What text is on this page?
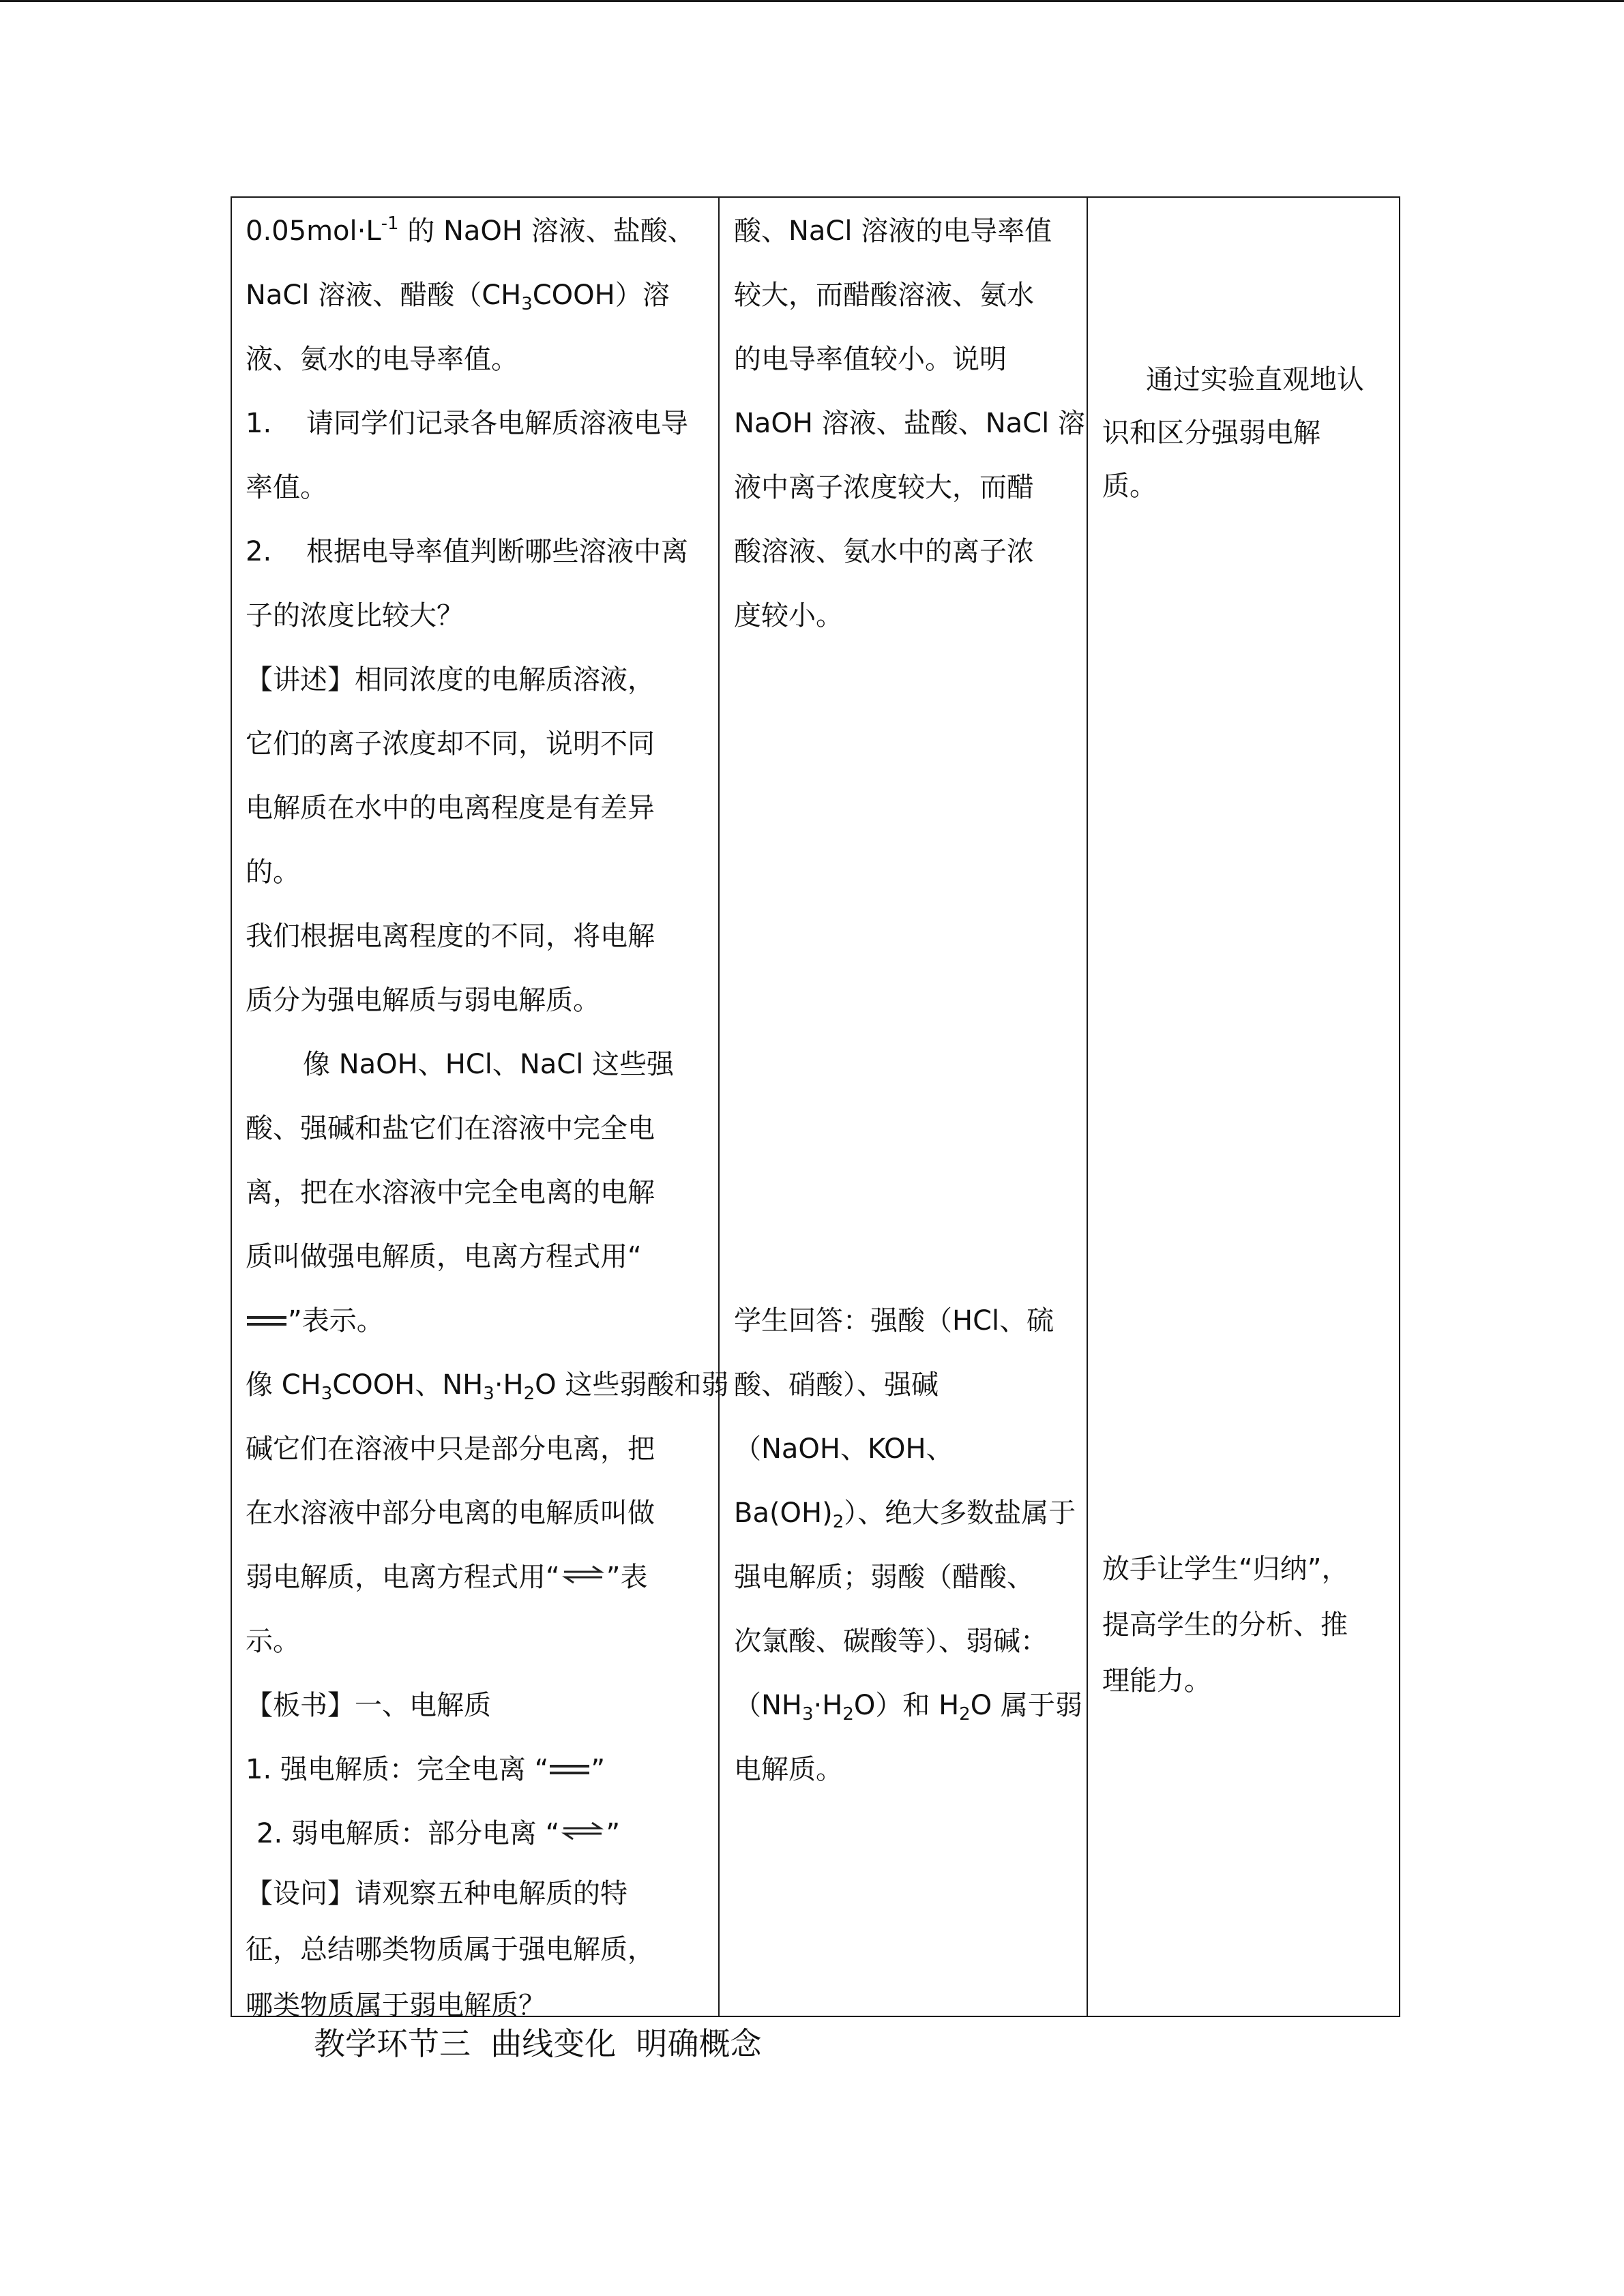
$0.05mol\cdot L^{-1}$ 的 NaOH 溶液、盐酸、
NaCl 溶液、醋酸$(CH_3COOH)$溶
液、氨水的电导率值。
1.    请同学们记录各电解质溶液电导
率值。
2.    根据电导率值判断哪些溶液中离
子的浓度比较大？
【讲述】相同浓度的电解质溶液，
它们的离子浓度却不同，说明不同
电解质在水中的电离程度是有差异
的。
我们根据电离程度的不同，将电解
质分为强电解质与弱电解质。
像 NaOH、HCl、NaCl 这些强
酸、强碱和盐它们在溶液中完全电
离，把在水溶液中完全电离的电解
质叫做强电解质，电离方程式用“
”表示。
像 $CH_3COOH$、$NH_3\cdot H_2O$ 这些弱酸和弱
碱它们在溶液中只是部分电离，把
在水溶液中部分电离的电解质叫做
弱电解质，电离方程式用“ ⇌ ”表
示。
【板书】一、电解质
1. 强电解质：完全电离 “ ”
2. 弱电解质：部分电离 “ ⇌ ”
【设问】请观察五种电解质的特
征，总结哪类物质属于强电解质，
哪类物质属于弱电解质？
酸、NaCl 溶液的电导率值
较大，而醋酸溶液、氨水
的电导率值较小。说明
NaOH 溶液、盐酸、NaCl 溶
液中离子浓度较大，而醋
酸溶液、氨水中的离子浓
度较小。
学生回答：强酸（HCl、硫
酸、硝酸）、强碱
（NaOH、KOH、
$Ba(OH)_2$）、绝大多数盐属于
强电解质；弱酸（醋酸、
次氯酸、碳酸等）、弱碱：
$(NH_3\cdot H_2O)$和 $H_2O$ 属于弱
电解质。
通过实验直观地认
识和区分强弱电解
质。
放手让学生“归纳”，
提高学生的分析、推
理能力。
教学环节三  曲线变化  明确概念
